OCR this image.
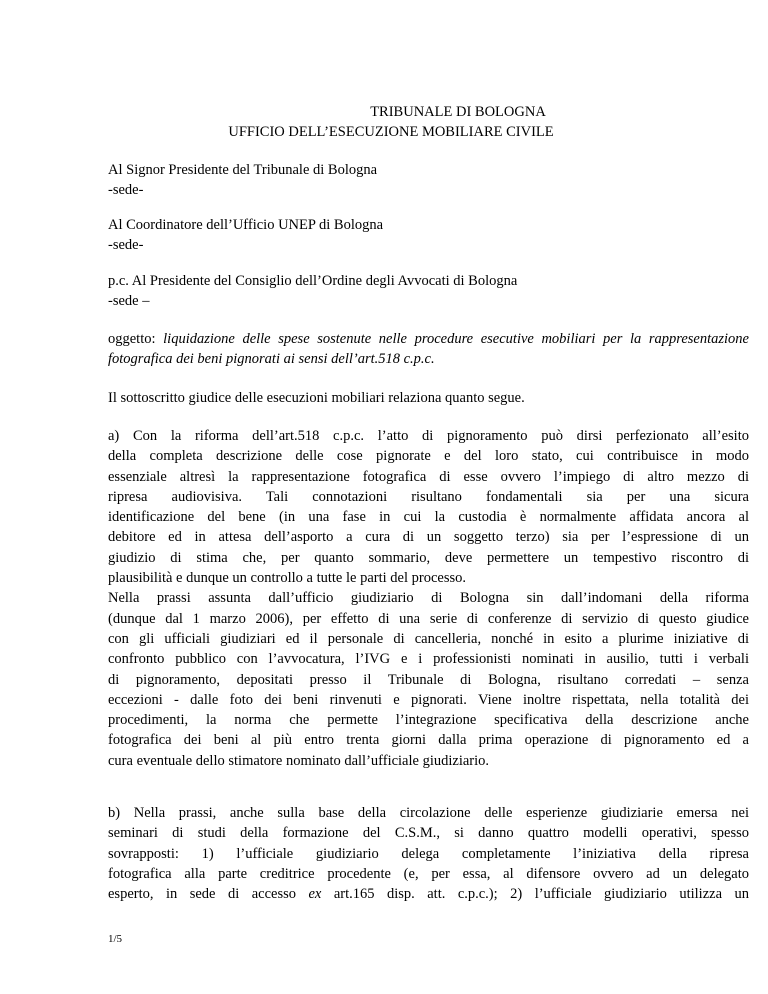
TRIBUNALE DI BOLOGNA
UFFICIO DELL’ESECUZIONE MOBILIARE CIVILE
Al Signor Presidente del Tribunale di Bologna
-sede-
Al Coordinatore dell’Ufficio UNEP di Bologna
-sede-
p.c. Al Presidente del Consiglio dell’Ordine degli Avvocati di Bologna
-sede –
oggetto: liquidazione delle spese sostenute nelle procedure esecutive mobiliari per la rappresentazione
fotografica dei beni pignorati ai sensi dell’art.518 c.p.c.
Il sottoscritto giudice delle esecuzioni mobiliari relaziona quanto segue.
a) Con la riforma dell’art.518 c.p.c. l’atto di pignoramento può dirsi perfezionato all’esito
della completa descrizione delle cose pignorate e del loro stato, cui contribuisce in modo
essenziale altresì la rappresentazione fotografica di esse ovvero l’impiego di altro mezzo di
ripresa audiovisiva. Tali connotazioni risultano fondamentali sia per una sicura
identificazione del bene (in una fase in cui la custodia è normalmente affidata ancora al
debitore ed in attesa dell’asporto a cura di un soggetto terzo) sia per l’espressione di un
giudizio di stima che, per quanto sommario, deve permettere un tempestivo riscontro di
plausibilità e dunque un controllo a tutte le parti del processo.
Nella prassi assunta dall’ufficio giudiziario di Bologna sin dall’indomani della riforma
(dunque dal 1 marzo 2006), per effetto di una serie di conferenze di servizio di questo giudice
con gli ufficiali giudiziari ed il personale di cancelleria, nonché in esito a plurime iniziative di
confronto pubblico con l’avvocatura, l’IVG e i professionisti nominati in ausilio, tutti i verbali
di pignoramento, depositati presso il Tribunale di Bologna, risultano corredati – senza
eccezioni - dalle foto dei beni rinvenuti e pignorati. Viene inoltre rispettata, nella totalità dei
procedimenti, la norma che permette l’integrazione specificativa della descrizione anche
fotografica dei beni al più entro trenta giorni dalla prima operazione di pignoramento ed a
cura eventuale dello stimatore nominato dall’ufficiale giudiziario.
b) Nella prassi, anche sulla base della circolazione delle esperienze giudiziarie emersa nei
seminari di studi della formazione del C.S.M., si danno quattro modelli operativi, spesso
sovrapposti: 1) l’ufficiale giudiziario delega completamente l’iniziativa della ripresa
fotografica alla parte creditrice procedente (e, per essa, al difensore ovvero ad un delegato
esperto, in sede di accesso ex art.165 disp. att. c.p.c.); 2) l’ufficiale giudiziario utilizza un
1/5
